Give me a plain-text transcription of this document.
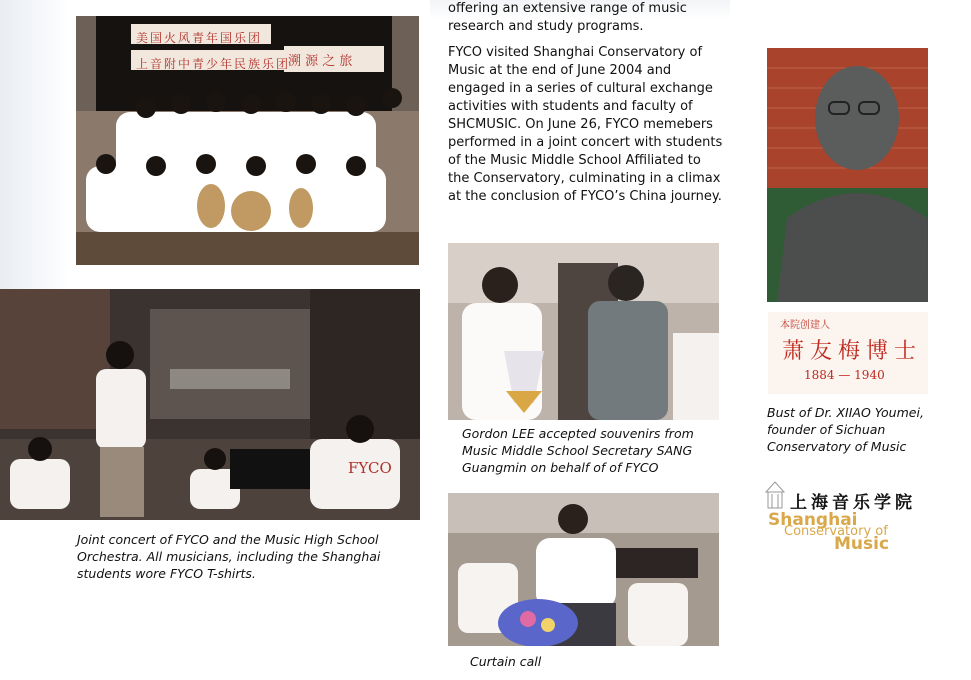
美国火风青年国乐团
上音附中青少年民族乐团
溯 源 之 旅
FYCO

offering an extensive range of music research and study programs.

FYCO visited Shanghai Conservatory of Music at the end of June 2004 and engaged in a series of cultural exchange activities with students and faculty of SHCMUSIC. On June 26, FYCO memebers performed in a joint concert with students of the Music Middle School Affiliated to the Conservatory, culminating in a climax at the conclusion of FYCO’s China journey.

本院创建人
萧友梅博士
1884 — 1940

Joint concert of FYCO and the Music High School Orchestra. All musicians, including the Shanghai students wore FYCO T-shirts.

Gordon LEE accepted souvenirs from Music Middle School Secretary SANG Guangmin on behalf of of FYCO

Curtain call

Bust of Dr. XIIAO Youmei, founder of Sichuan Conservatory of Music

上海音乐学院
Shanghai
Conservatory of
Music
